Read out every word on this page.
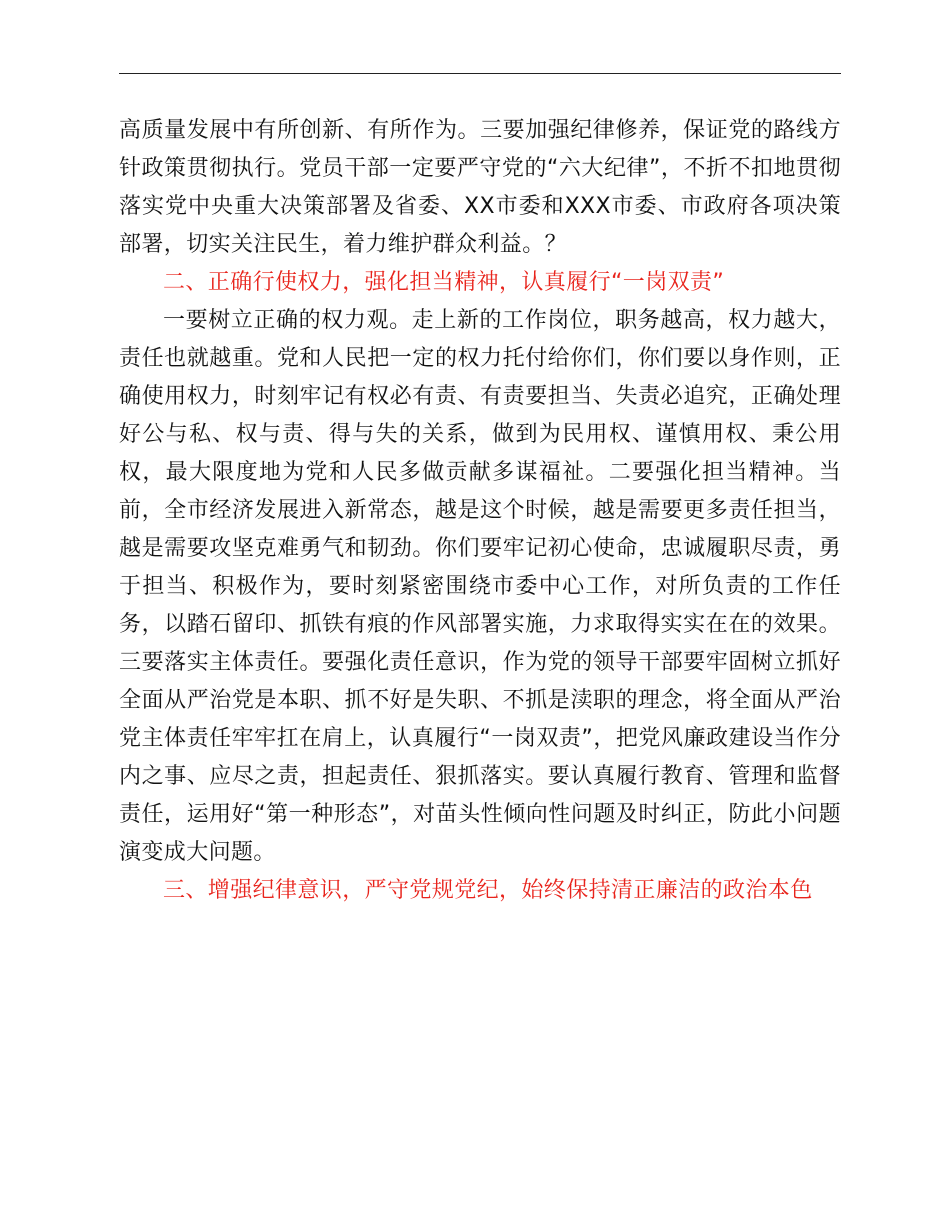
高质量发展中有所创新、有所作为。三要加强纪律修养，保证党的路线方针政策贯彻执行。党员干部一定要严守党的“六大纪律”，不折不扣地贯彻落实党中央重大决策部署及省委、XX市委和XXX市委、市政府各项决策部署，切实关注民生，着力维护群众利益。？

二、正确行使权力，强化担当精神，认真履行“一岗双责”

一要树立正确的权力观。走上新的工作岗位，职务越高，权力越大，责任也就越重。党和人民把一定的权力托付给你们，你们要以身作则，正确使用权力，时刻牢记有权必有责、有责要担当、失责必追究，正确处理好公与私、权与责、得与失的关系，做到为民用权、谨慎用权、秉公用权，最大限度地为党和人民多做贡献多谋福祉。二要强化担当精神。当前，全市经济发展进入新常态，越是这个时候，越是需要更多责任担当，越是需要攻坚克难勇气和韧劲。你们要牢记初心使命，忠诚履职尽责，勇于担当、积极作为，要时刻紧密围绕市委中心工作，对所负责的工作任务，以踏石留印、抓铁有痕的作风部署实施，力求取得实实在在的效果。三要落实主体责任。要强化责任意识，作为党的领导干部要牢固树立抓好全面从严治党是本职、抓不好是失职、不抓是渎职的理念，将全面从严治党主体责任牢牢扛在肩上，认真履行“一岗双责”，把党风廉政建设当作分内之事、应尽之责，担起责任、狠抓落实。要认真履行教育、管理和监督责任，运用好“第一种形态”，对苗头性倾向性问题及时纠正，防此小问题演变成大问题。

三、增强纪律意识，严守党规党纪，始终保持清正廉洁的政治本色
